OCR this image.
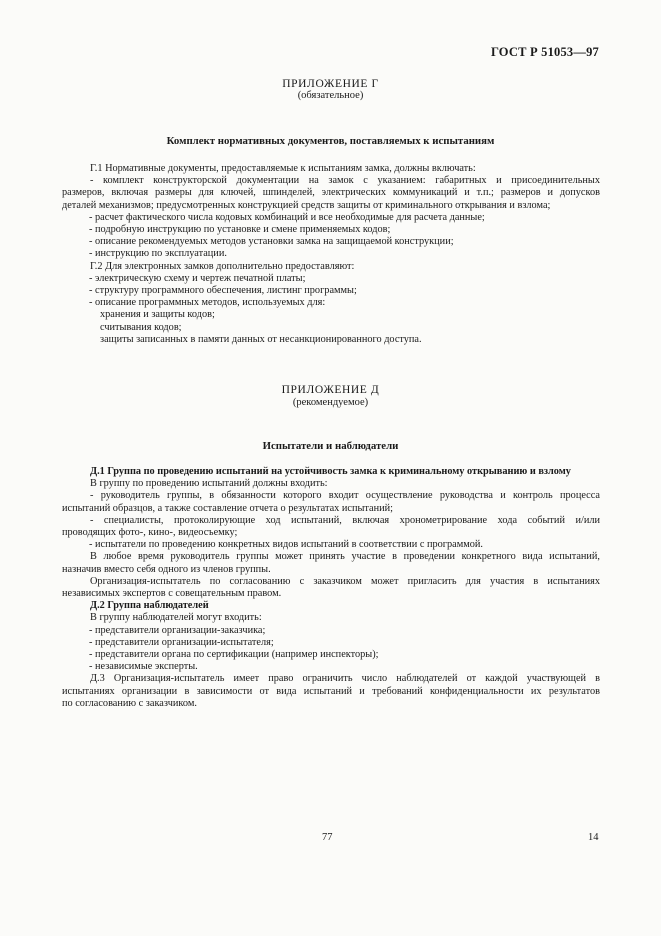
ГОСТ Р 51053—97
ПРИЛОЖЕНИЕ Г
(обязательное)
Комплект нормативных документов, поставляемых к испытаниям

Г.1 Нормативные документы, предоставляемые к испытаниям замка, должны включать:

- комплект конструкторской документации на замок с указанием: габаритных и присоединительных

размеров, включая размеры для ключей, шпинделей, электрических коммуникаций и т.п.; размеров и допусков

деталей механизмов; предусмотренных конструкцией средств защиты от криминального открывания и взлома;

- расчет фактического числа кодовых комбинаций и все необходимые для расчета данные;

- подробную инструкцию по установке и смене применяемых кодов;

- описание рекомендуемых методов установки замка на защищаемой конструкции;

- инструкцию по эксплуатации.

Г.2 Для электронных замков дополнительно предоставляют:

- электрическую схему и чертеж печатной платы;

- структуру программного обеспечения, листинг программы;

- описание программных методов, используемых для:

хранения и защиты кодов;

считывания кодов;

защиты записанных в памяти данных от несанкционированного доступа.

ПРИЛОЖЕНИЕ Д
(рекомендуемое)
Испытатели и наблюдатели

Д.1 Группа по проведению испытаний на устойчивость замка к криминальному открыванию и взлому

В группу по проведению испытаний должны входить:

- руководитель группы, в обязанности которого входит осуществление руководства и контроль процесса

испытаний образцов, а также составление отчета о результатах испытаний;

- специалисты, протоколирующие ход испытаний, включая хронометрирование хода событий и/или

проводящих фото-, кино-, видеосъемку;

- испытатели по проведению конкретных видов испытаний в соответствии с программой.

В любое время руководитель группы может принять участие в проведении конкретного вида испытаний,

назначив вместо себя одного из членов группы.

Организация-испытатель по согласованию с заказчиком может пригласить для участия в испытаниях

независимых экспертов с совещательным правом.

Д.2 Группа наблюдателей

В группу наблюдателей могут входить:

- представители организации-заказчика;

- представители организации-испытателя;

- представители органа по сертификации (например инспекторы);

- независимые эксперты.

Д.3 Организация-испытатель имеет право ограничить число наблюдателей от каждой участвующей в

испытаниях организации в зависимости от вида испытаний и требований конфиденциальности их результатов

по согласованию с заказчиком.

77	14
